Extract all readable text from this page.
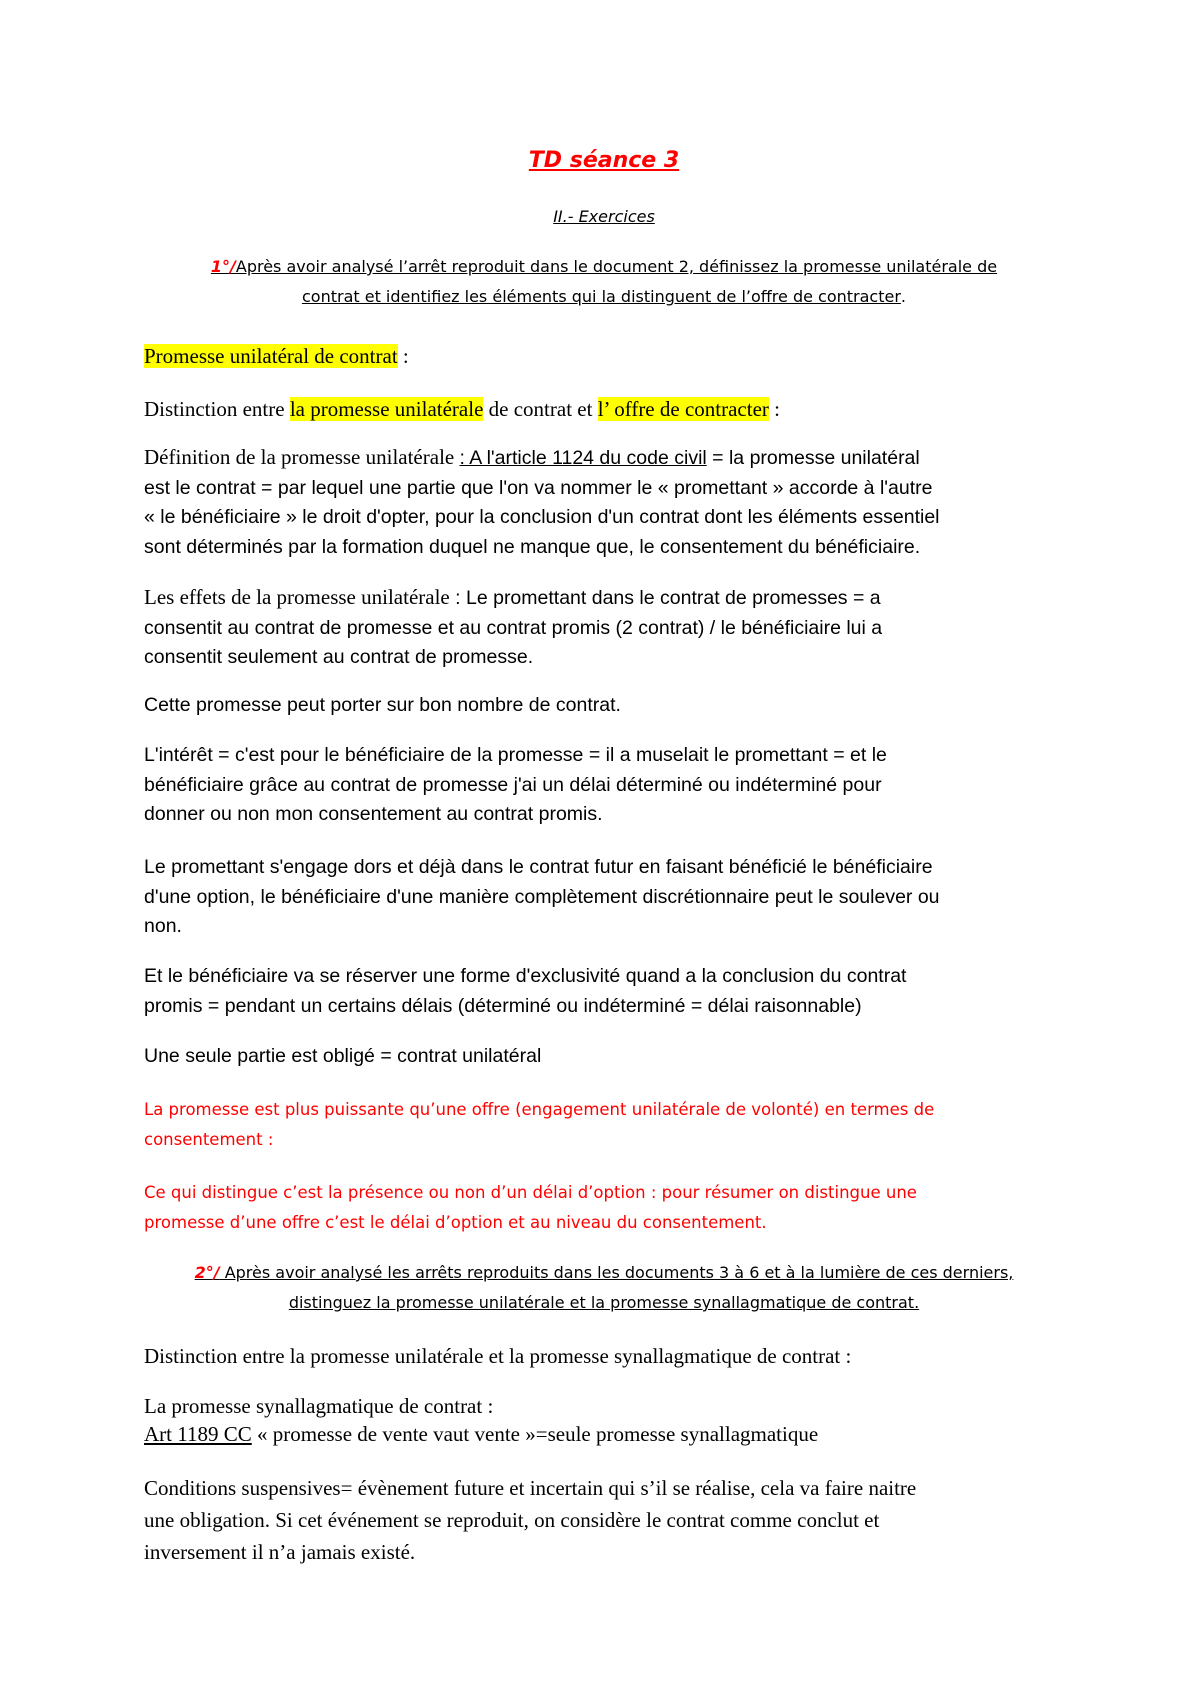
TD séance 3
II.- Exercices
1°/Après avoir analysé l’arrêt reproduit dans le document 2, définissez la promesse unilatérale de
contrat et identifiez les éléments qui la distinguent de l’offre de contracter.
Promesse unilatéral de contrat :
Distinction entre la promesse unilatérale de contrat et l’ offre de contracter :
Définition de la promesse unilatérale : A l'article 1124 du code civil = la promesse unilatéral
est le contrat = par lequel une partie que l'on va nommer le « promettant » accorde à l'autre
« le bénéficiaire » le droit d'opter, pour la conclusion d'un contrat dont les éléments essentiel
sont déterminés par la formation duquel ne manque que, le consentement du bénéficiaire.
Les effets de la promesse unilatérale : Le promettant dans le contrat de promesses = a
consentit au contrat de promesse et au contrat promis (2 contrat) / le bénéficiaire lui a
consentit seulement au contrat de promesse.
Cette promesse peut porter sur bon nombre de contrat.
L'intérêt = c'est pour le bénéficiaire de la promesse = il a muselait le promettant = et le
bénéficiaire grâce au contrat de promesse j'ai un délai déterminé ou indéterminé pour
donner ou non mon consentement au contrat promis.
Le promettant s'engage dors et déjà dans le contrat futur en faisant bénéficié le bénéficiaire
d'une option, le bénéficiaire d'une manière complètement discrétionnaire peut le soulever ou
non.
Et le bénéficiaire va se réserver une forme d'exclusivité quand a la conclusion du contrat
promis = pendant un certains délais (déterminé ou indéterminé = délai raisonnable)
Une seule partie est obligé = contrat unilatéral
La promesse est plus puissante qu’une offre (engagement unilatérale de volonté) en termes de
consentement :
Ce qui distingue c’est la présence ou non d’un délai d’option : pour résumer on distingue une
promesse d’une offre c’est le délai d’option et au niveau du consentement.
2°/ Après avoir analysé les arrêts reproduits dans les documents 3 à 6 et à la lumière de ces derniers,
distinguez la promesse unilatérale et la promesse synallagmatique de contrat.
Distinction entre la promesse unilatérale et la promesse synallagmatique de contrat :
La promesse synallagmatique de contrat :
Art 1189 CC « promesse de vente vaut vente »=seule promesse synallagmatique
Conditions suspensives= évènement future et incertain qui s’il se réalise, cela va faire naitre
une obligation. Si cet événement se reproduit, on considère le contrat comme conclut et
inversement il n’a jamais existé.
